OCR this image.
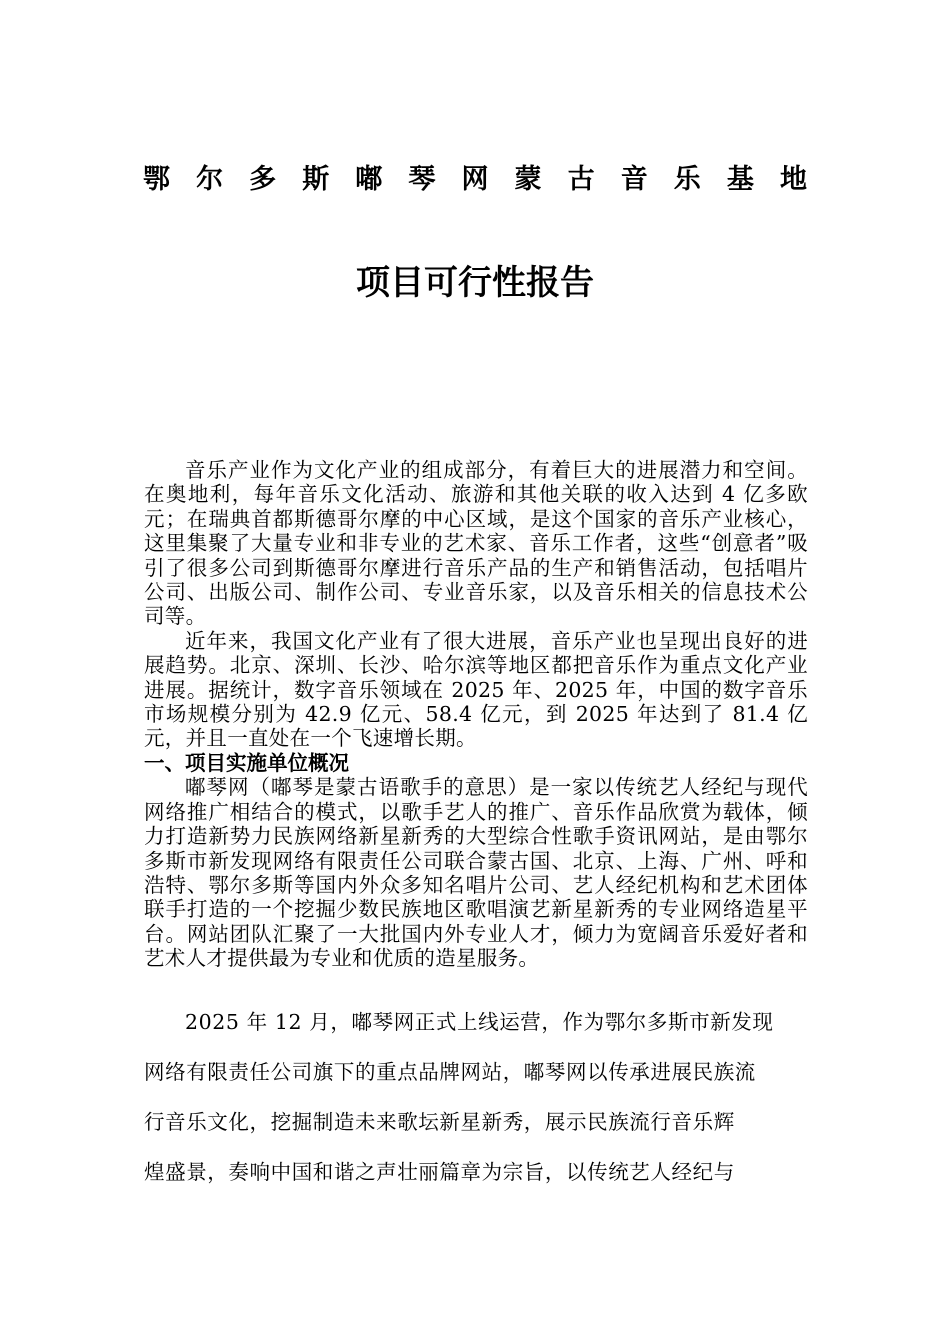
鄂 尔 多 斯 嘟 琴 网 蒙 古 音 乐 基 地
项目可行性报告

音乐产业作为文化产业的组成部分，有着巨大的进展潜力和空间。在奥地利，每年音乐文化活动、旅游和其他关联的收入达到 4 亿多欧元；在瑞典首都斯德哥尔摩的中心区域，是这个国家的音乐产业核心，这里集聚了大量专业和非专业的艺术家、音乐工作者，这些“创意者”吸引了很多公司到斯德哥尔摩进行音乐产品的生产和销售活动，包括唱片公司、出版公司、制作公司、专业音乐家，以及音乐相关的信息技术公司等。

近年来，我国文化产业有了很大进展，音乐产业也呈现出良好的进展趋势。北京、深圳、长沙、哈尔滨等地区都把音乐作为重点文化产业进展。据统计，数字音乐领域在 2025 年、2025 年，中国的数字音乐市场规模分别为 42.9 亿元、58.4 亿元，到 2025 年达到了 81.4 亿元，并且一直处在一个飞速增长期。

一、项目实施单位概况

嘟琴网（嘟琴是蒙古语歌手的意思）是一家以传统艺人经纪与现代网络推广相结合的模式，以歌手艺人的推广、音乐作品欣赏为载体，倾力打造新势力民族网络新星新秀的大型综合性歌手资讯网站，是由鄂尔多斯市新发现网络有限责任公司联合蒙古国、北京、上海、广州、呼和浩特、鄂尔多斯等国内外众多知名唱片公司、艺人经纪机构和艺术团体联手打造的一个挖掘少数民族地区歌唱演艺新星新秀的专业网络造星平台。网站团队汇聚了一大批国内外专业人才，倾力为宽阔音乐爱好者和艺术人才提供最为专业和优质的造星服务。

2025 年 12 月，嘟琴网正式上线运营，作为鄂尔多斯市新发现

网络有限责任公司旗下的重点品牌网站，嘟琴网以传承进展民族流

行音乐文化，挖掘制造未来歌坛新星新秀，展示民族流行音乐辉

煌盛景，奏响中国和谐之声壮丽篇章为宗旨，以传统艺人经纪与
